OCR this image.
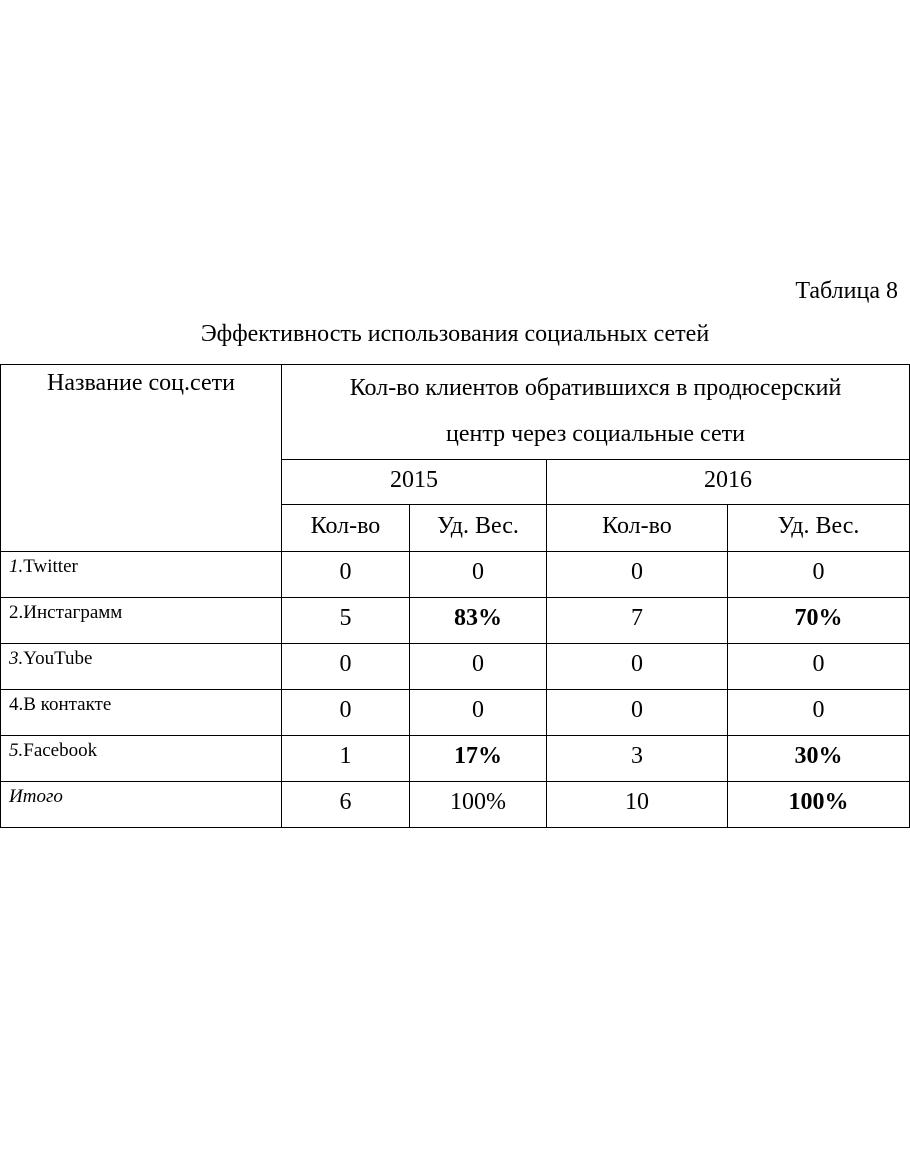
Таблица 8
Эффективность использования социальных сетей
Название соц.сети	Кол-во клиентов обратившихся в продюсерский
центр через социальные сети			
	2015		2016	
	Кол-во	Уд. Вес.	Кол-во	Уд. Вес.
1.Twitter	0	0	0	0
2.Инстаграмм	5	83%	7	70%
3.YouTube	0	0	0	0
4.В контакте	0	0	0	0
5.Facebook	1	17%	3	30%
Итого	6	100%	10	100%
